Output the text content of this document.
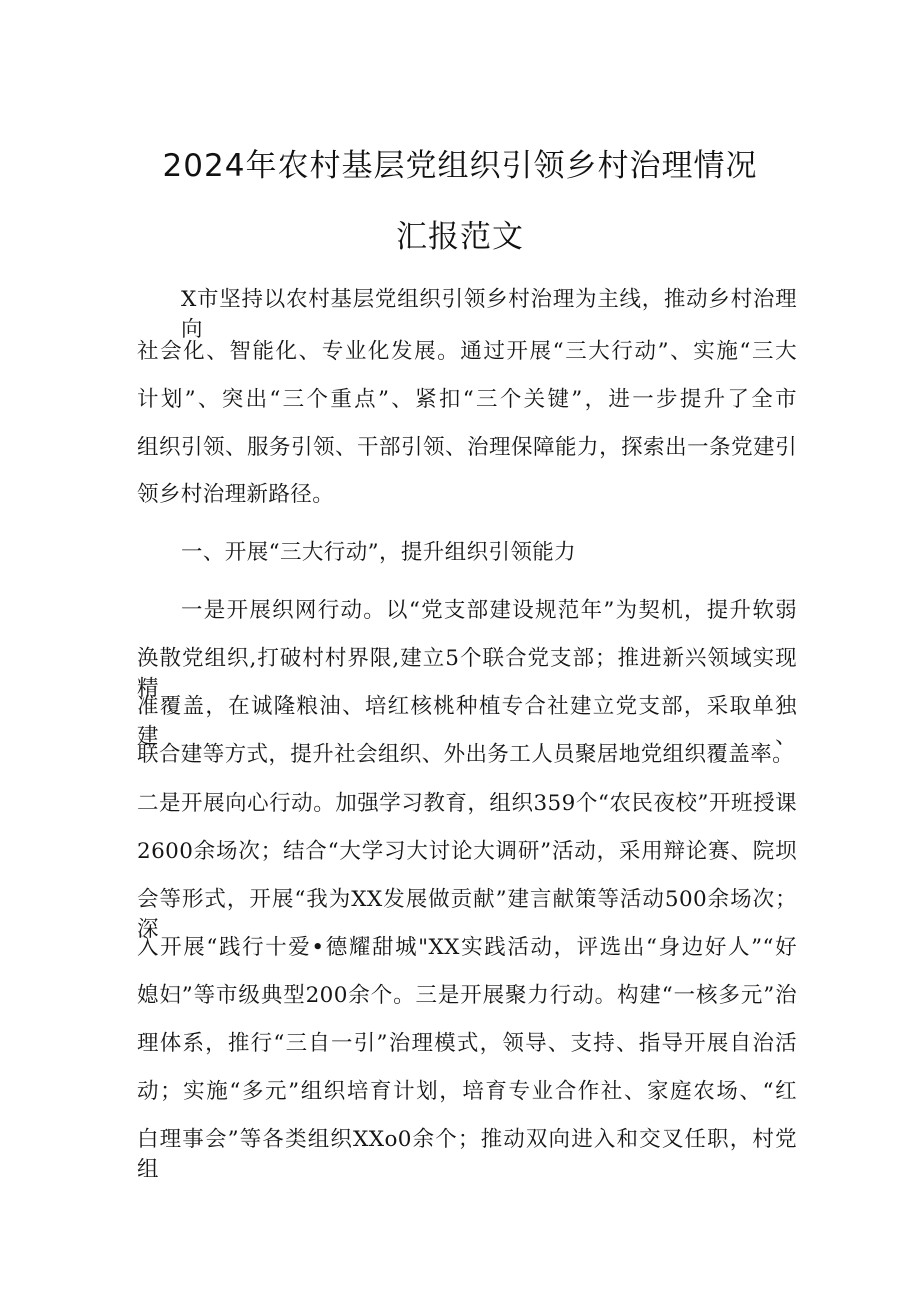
2024年农村基层党组织引领乡村治理情况
汇报范文
X市坚持以农村基层党组织引领乡村治理为主线，推动乡村治理向
社会化、智能化、专业化发展。通过开展“三大行动”、实施“三大
计划”、突出“三个重点”、紧扣“三个关键”，进一步提升了全市
组织引领、服务引领、干部引领、治理保障能力，探索出一条党建引
领乡村治理新路径。
一、开展“三大行动”，提升组织引领能力
一是开展织网行动。以“党支部建设规范年”为契机，提升软弱
涣散党组织,打破村村界限,建立5个联合党支部；推进新兴领域实现精
准覆盖，在诚隆粮油、培红核桃种植专合社建立党支部，采取单独建、
联合建等方式，提升社会组织、外出务工人员聚居地党组织覆盖率。
二是开展向心行动。加强学习教育，组织359个“农民夜校”开班授课
2600余场次；结合“大学习大讨论大调研”活动，采用辩论赛、院坝
会等形式，开展“我为XX发展做贡献”建言献策等活动500余场次；深
入开展“践行十爱•德耀甜城"XX实践活动，评选出“身边好人”“好
媳妇”等市级典型200余个。三是开展聚力行动。构建“一核多元”治
理体系，推行“三自一引”治理模式，领导、支持、指导开展自治活
动；实施“多元”组织培育计划，培育专业合作社、家庭农场、“红
白理事会”等各类组织XXo0余个；推动双向进入和交叉任职，村党组
